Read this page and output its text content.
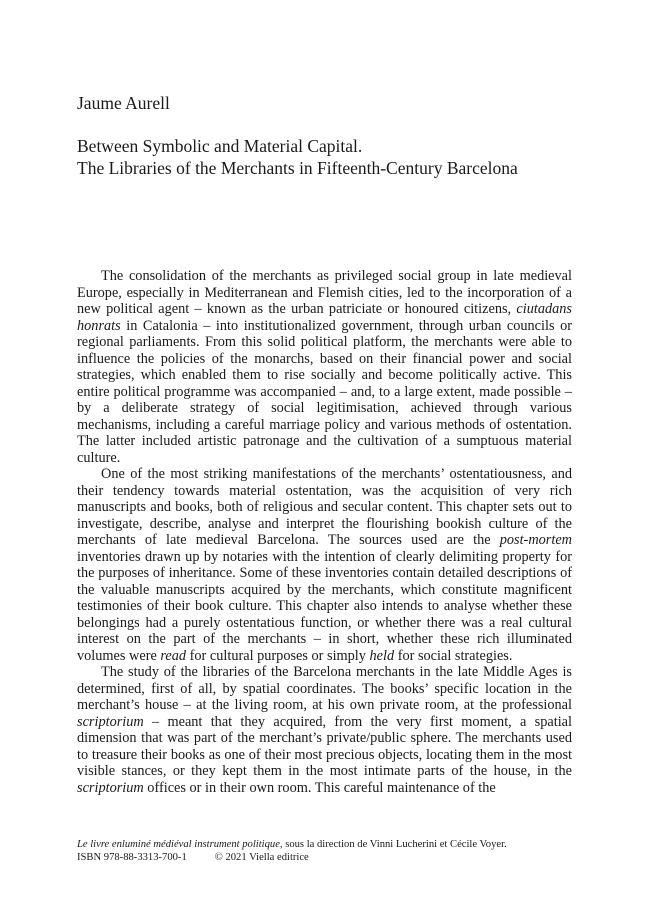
Jaume Aurell
Between Symbolic and Material Capital.
The Libraries of the Merchants in Fifteenth-Century Barcelona

The consolidation of the merchants as privileged social group in late medieval Europe, especially in Mediterranean and Flemish cities, led to the incorporation of a new political agent – known as the urban patriciate or honoured citizens, ciutadans honrats in Catalonia – into institutionalized government, through urban councils or regional parliaments. From this solid political platform, the merchants were able to influence the policies of the monarchs, based on their financial power and social strategies, which enabled them to rise socially and become politically active. This entire political programme was accompanied – and, to a large extent, made possible – by a deliberate strategy of social legitimisation, achieved through various mechanisms, including a careful marriage policy and various methods of ostentation. The latter included artistic patronage and the cultivation of a sumptuous material culture.

One of the most striking manifestations of the merchants’ ostentatiousness, and their tendency towards material ostentation, was the acquisition of very rich manuscripts and books, both of religious and secular content. This chapter sets out to investigate, describe, analyse and interpret the flourishing bookish culture of the merchants of late medieval Barcelona. The sources used are the post-mortem inventories drawn up by notaries with the intention of clearly delimiting property for the purposes of inheritance. Some of these inventories contain detailed descriptions of the valuable manuscripts acquired by the merchants, which constitute magnificent testimonies of their book culture. This chapter also intends to analyse whether these belongings had a purely ostentatious function, or whether there was a real cultural interest on the part of the merchants – in short, whether these rich illuminated volumes were read for cultural purposes or simply held for social strategies.

The study of the libraries of the Barcelona merchants in the late Middle Ages is determined, first of all, by spatial coordinates. The books’ specific location in the merchant’s house – at the living room, at his own private room, at the professional scriptorium – meant that they acquired, from the very first moment, a spatial dimension that was part of the merchant’s private/public sphere. The merchants used to treasure their books as one of their most precious objects, locating them in the most visible stances, or they kept them in the most intimate parts of the house, in the scriptorium offices or in their own room. This careful maintenance of the

Le livre enluminé médiéval instrument politique, sous la direction de Vinni Lucherini et Cécile Voyer.
ISBN 978-88-3313-700-1	© 2021 Viella editrice
